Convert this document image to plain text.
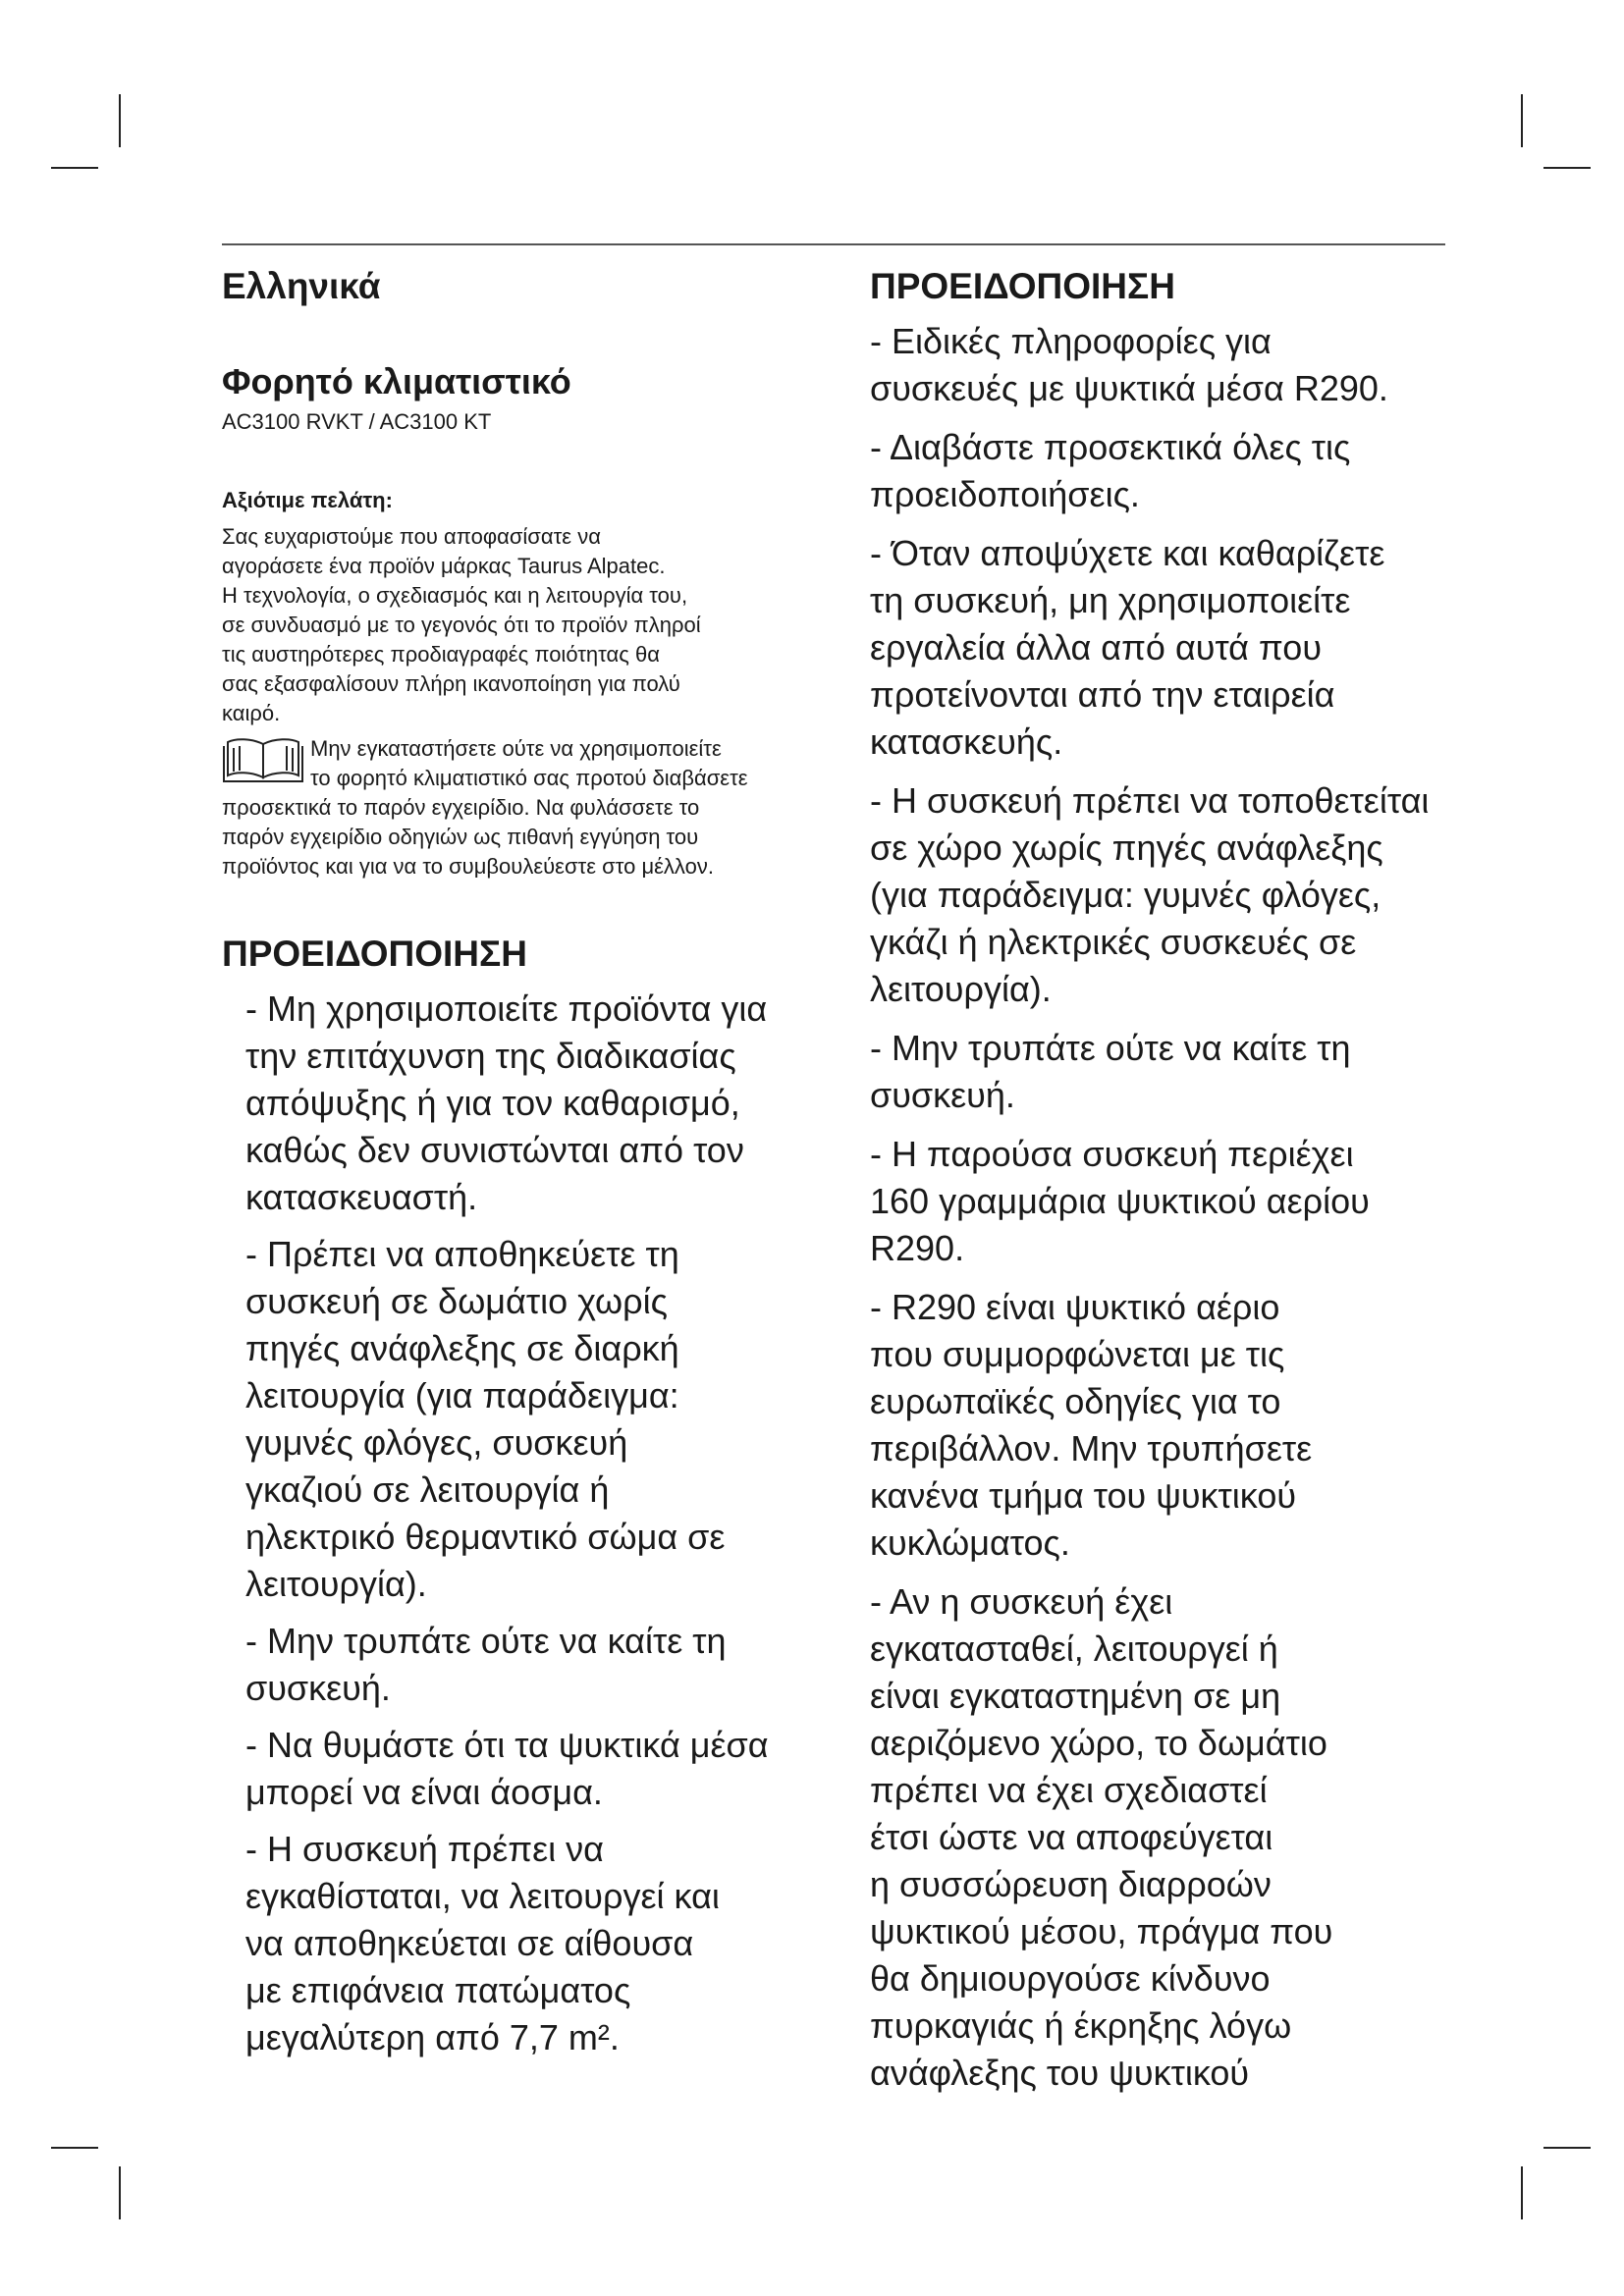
Ελληνικά
Φορητό κλιματιστικό
AC3100 RVKT / AC3100 KT
Αξιότιμε πελάτη:
Σας ευχαριστούμε που αποφασίσατε να
αγοράσετε ένα προϊόν μάρκας Taurus Alpatec.
Η τεχνολογία, ο σχεδιασμός και η λειτουργία του,
σε συνδυασμό με το γεγονός ότι το προϊόν πληροί
τις αυστηρότερες προδιαγραφές ποιότητας θα
σας εξασφαλίσουν πλήρη ικανοποίηση για πολύ
καιρό.
Μην εγκαταστήσετε ούτε να χρησιμοποιείτε
το φορητό κλιματιστικό σας προτού διαβάσετε
προσεκτικά το παρόν εγχειρίδιο. Να φυλάσσετε το
παρόν εγχειρίδιο οδηγιών ως πιθανή εγγύηση του
προϊόντος και για να το συμβουλεύεστε στο μέλλον.
ΠΡΟΕΙΔΟΠΟΙΗΣΗ
- Μη χρησιμοποιείτε προϊόντα για
την επιτάχυνση της διαδικασίας
απόψυξης ή για τον καθαρισμό,
καθώς δεν συνιστώνται από τον
κατασκευαστή.
- Πρέπει να αποθηκεύετε τη
συσκευή σε δωμάτιο χωρίς
πηγές ανάφλεξης σε διαρκή
λειτουργία (για παράδειγμα:
γυμνές φλόγες, συσκευή
γκαζιού σε λειτουργία ή
ηλεκτρικό θερμαντικό σώμα σε
λειτουργία).
- Μην τρυπάτε ούτε να καίτε τη
συσκευή.
- Να θυμάστε ότι τα ψυκτικά μέσα
μπορεί να είναι άοσμα.
- Η συσκευή πρέπει να
εγκαθίσταται, να λειτουργεί και
να αποθηκεύεται σε αίθουσα
με επιφάνεια πατώματος
μεγαλύτερη από 7,7 m².
ΠΡΟΕΙΔΟΠΟΙΗΣΗ
- Ειδικές πληροφορίες για
συσκευές με ψυκτικά μέσα R290.
- Διαβάστε προσεκτικά όλες τις
προειδοποιήσεις.
- Όταν αποψύχετε και καθαρίζετε
τη συσκευή, μη χρησιμοποιείτε
εργαλεία άλλα από αυτά που
προτείνονται από την εταιρεία
κατασκευής.
- Η συσκευή πρέπει να τοποθετείται
σε χώρο χωρίς πηγές ανάφλεξης
(για παράδειγμα: γυμνές φλόγες,
γκάζι ή ηλεκτρικές συσκευές σε
λειτουργία).
- Μην τρυπάτε ούτε να καίτε τη
συσκευή.
- Η παρούσα συσκευή περιέχει
160 γραμμάρια ψυκτικού αερίου
R290.
- R290 είναι ψυκτικό αέριο
που συμμορφώνεται με τις
ευρωπαϊκές οδηγίες για το
περιβάλλον. Μην τρυπήσετε
κανένα τμήμα του ψυκτικού
κυκλώματος.
- Αν η συσκευή έχει
εγκατασταθεί, λειτουργεί ή
είναι εγκαταστημένη σε μη
αεριζόμενο χώρο, το δωμάτιο
πρέπει να έχει σχεδιαστεί
έτσι ώστε να αποφεύγεται
η συσσώρευση διαρροών
ψυκτικού μέσου, πράγμα που
θα δημιουργούσε κίνδυνο
πυρκαγιάς ή έκρηξης λόγω
ανάφλεξης του ψυκτικού
